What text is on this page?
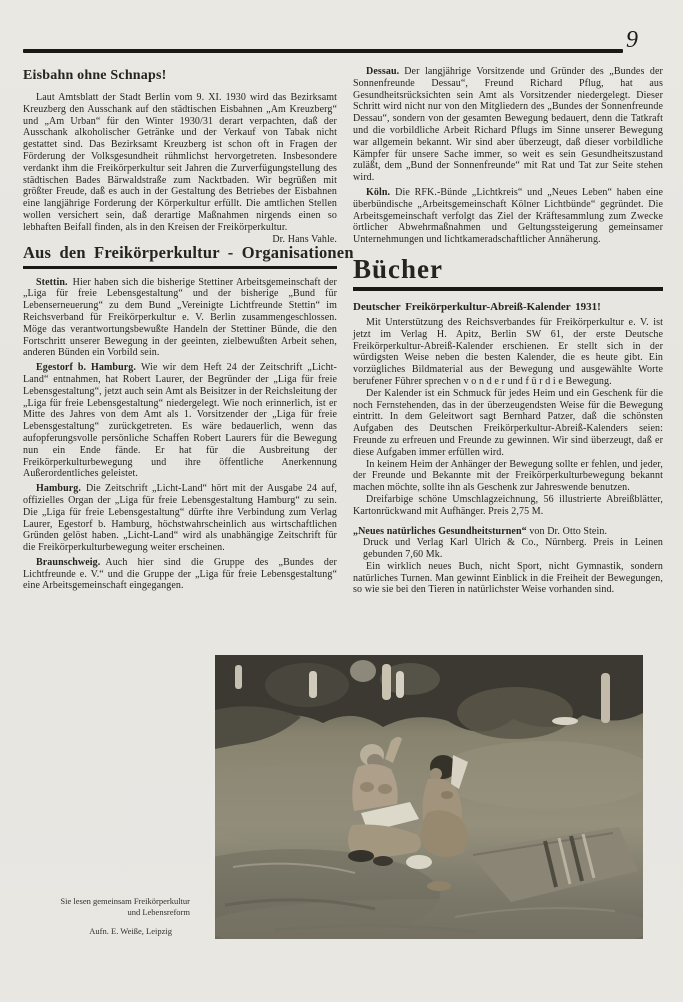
9
Eisbahn ohne Schnaps!

Laut Amtsblatt der Stadt Berlin vom 9. XI. 1930 wird das Bezirksamt Kreuzberg den Ausschank auf den städtischen Eisbahnen „Am Kreuzberg“ und „Am Urban“ für den Winter 1930/31 derart verpachten, daß der Ausschank alkoholischer Getränke und der Verkauf von Tabak nicht gestattet sind. Das Bezirksamt Kreuzberg ist schon oft in Fragen der Förderung der Volksgesundheit rühmlichst hervorgetreten. Insbesondere verdankt ihm die Freikörperkultur seit Jahren die Zurverfügungstellung des städtischen Bades Bärwaldstraße zum Nacktbaden. Wir begrüßen mit größter Freude, daß es auch in der Gestaltung des Betriebes der Eisbahnen eine langjährige Forderung der Körperkultur erfüllt. Die amtlichen Stellen wollen versichert sein, daß derartige Maßnahmen nirgends einen so lebhaften Beifall finden, als in den Kreisen der Freikörperkultur.
Dr. Hans Vahle.

Aus den Freikörperkultur - Organisationen

Stettin. Hier haben sich die bisherige Stettiner Arbeitsgemeinschaft der „Liga für freie Lebensgestaltung“ und der bisherige „Bund für Lebenserneuerung“ zu dem Bund „Vereinigte Lichtfreunde Stettin“ im Reichsverband für Freikörperkultur e. V. Berlin zusammengeschlossen. Möge das verantwortungsbewußte Handeln der Stettiner Bünde, die den Fortschritt unserer Bewegung in der geeinten, zielbewußten Arbeit sehen, anderen Bünden ein Vorbild sein.

Egestorf b. Hamburg. Wie wir dem Heft 24 der Zeitschrift „Licht-Land“ entnahmen, hat Robert Laurer, der Begründer der „Liga für freie Lebensgestaltung“, jetzt auch sein Amt als Beisitzer in der Reichsleitung der „Liga für freie Lebensgestaltung“ niedergelegt. Wie noch erinnerlich, ist er Mitte des Jahres von dem Amt als 1. Vorsitzender der „Liga für freie Lebensgestaltung“ zurückgetreten. Es wäre bedauerlich, wenn das aufopferungsvolle persönliche Schaffen Robert Laurers für die Bewegung nun ein Ende fände. Er hat für die Ausbreitung der Freikörperkulturbewegung und ihre öffentliche Anerkennung Außerordentliches geleistet.

Hamburg. Die Zeitschrift „Licht-Land“ hört mit der Ausgabe 24 auf, offizielles Organ der „Liga für freie Lebensgestaltung Hamburg“ zu sein. Die „Liga für freie Lebensgestaltung“ dürfte ihre Verbindung zum Verlag Laurer, Egestorf b. Hamburg, höchstwahrscheinlich aus wirtschaftlichen Gründen gelöst haben. „Licht-Land“ wird als unabhängige Zeitschrift für die Freikörperkulturbewegung weiter erscheinen.

Braunschweig. Auch hier sind die Gruppe des „Bundes der Lichtfreunde e. V.“ und die Gruppe der „Liga für freie Lebensgestaltung“ eine Arbeitsgemeinschaft eingegangen.

Dessau. Der langjährige Vorsitzende und Gründer des „Bundes der Sonnenfreunde Dessau“, Freund Richard Pflug, hat aus Gesundheitsrücksichten sein Amt als Vorsitzender niedergelegt. Dieser Schritt wird nicht nur von den Mitgliedern des „Bundes der Sonnenfreunde Dessau“, sondern von der gesamten Bewegung bedauert, denn die Tatkraft und die vorbildliche Arbeit Richard Pflugs im Sinne unserer Bewegung war allgemein bekannt. Wir sind aber überzeugt, daß dieser vorbildliche Kämpfer für unsere Sache immer, so weit es sein Gesundheitszustand zuläßt, dem „Bund der Sonnenfreunde“ mit Rat und Tat zur Seite stehen wird.

Köln. Die RFK.-Bünde „Lichtkreis“ und „Neues Leben“ haben eine überbündische „Arbeitsgemeinschaft Kölner Lichtbünde“ gegründet. Die Arbeitsgemeinschaft verfolgt das Ziel der Kräftesammlung zum Zwecke örtlicher Abwehrmaßnahmen und Geltungssteigerung gemeinsamer Unternehmungen und lichtkameradschaftlicher Annäherung.

Bücher
Deutscher Freikörperkultur-Abreiß-Kalender 1931!

Mit Unterstützung des Reichsverbandes für Freikörperkultur e. V. ist jetzt im Verlag H. Apitz, Berlin SW 61, der erste Deutsche Freikörperkultur-Abreiß-Kalender erschienen. Er stellt sich in der würdigsten Weise neben die besten Kalender, die es heute gibt. Ein vorzügliches Bildmaterial aus der Bewegung und ausgewählte Worte berufener Führer sprechen v o n d e r und f ü r d i e Bewegung.

Der Kalender ist ein Schmuck für jedes Heim und ein Geschenk für die noch Fernstehenden, das in der überzeugendsten Weise für die Bewegung eintritt. In dem Geleitwort sagt Bernhard Patzer, daß die schönsten Aufgaben des Deutschen Freikörperkultur-Abreiß-Kalenders seien: Freunde zu erfreuen und Freunde zu gewinnen. Wir sind überzeugt, daß er diese Aufgaben immer erfüllen wird.

In keinem Heim der Anhänger der Bewegung sollte er fehlen, und jeder, der Freunde und Bekannte mit der Freikörperkulturbewegung bekannt machen möchte, sollte ihn als Geschenk zur Jahreswende benutzen.

Dreifarbige schöne Umschlagzeichnung, 56 illustrierte Abreißblätter, Kartonrückwand mit Aufhänger. Preis 2,75 M.

„Neues natürliches Gesundheitsturnen“ von Dr. Otto Stein.

Druck und Verlag Karl Ulrich & Co., Nürnberg. Preis in Leinen gebunden 7,60 Mk.

Ein wirklich neues Buch, nicht Sport, nicht Gymnastik, sondern natürliches Turnen. Man gewinnt Einblick in die Freiheit der Bewegungen, so wie sie bei den Tieren in natürlichster Weise vorhanden sind.

Sie lesen gemeinsam Freikörperkultur
und Lebensreform
Aufn. E. Weiße, Leipzig
